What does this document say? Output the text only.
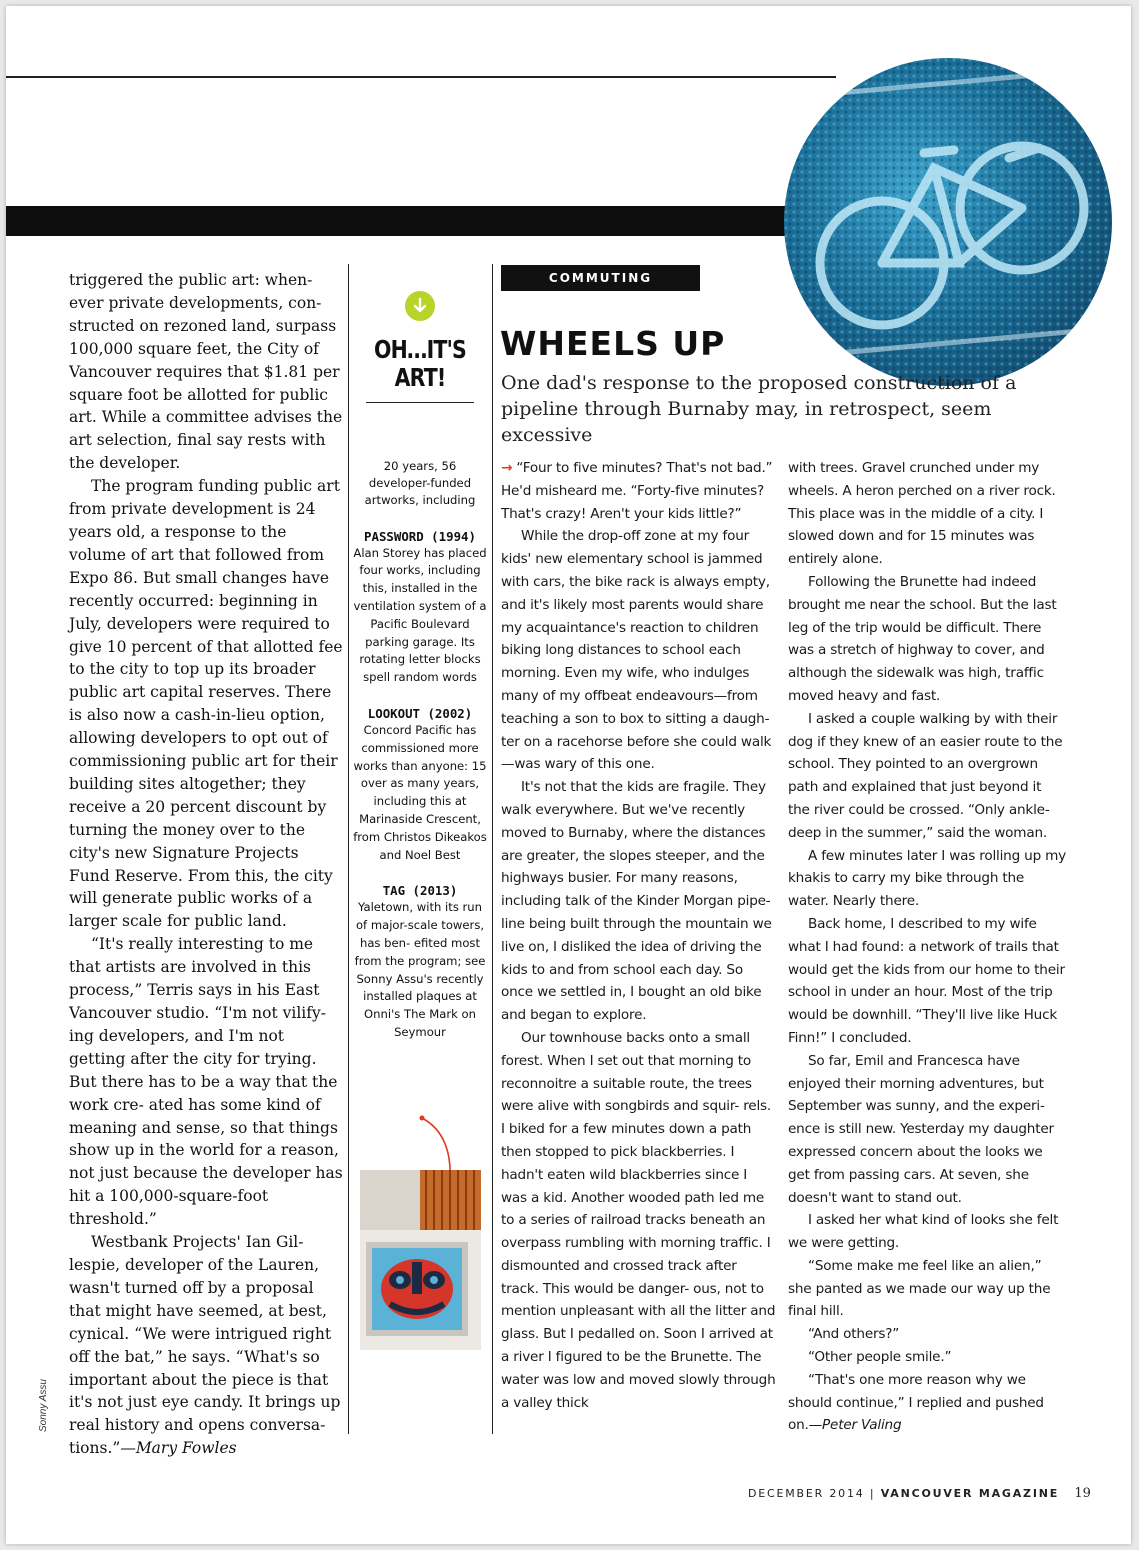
triggered the public art: when- ever private developments, con- structed on rezoned land, surpass 100,000 square feet, the City of Vancouver requires that $1.81 per square foot be allotted for public art. While a committee advises the art selection, final say rests with the developer.

The program funding public art from private development is 24 years old, a response to the volume of art that followed from Expo 86. But small changes have recently occurred: beginning in July, developers were required to give 10 percent of that allotted fee to the city to top up its broader public art capital reserves. There is also now a cash-in-lieu option, allowing developers to opt out of commissioning public art for their building sites altogether; they receive a 20 percent discount by turning the money over to the city's new Signature Projects Fund Reserve. From this, the city will generate public works of a larger scale for public land.

“It's really interesting to me that artists are involved in this process,” Terris says in his East Vancouver studio. “I'm not vilify- ing developers, and I'm not getting after the city for trying. But there has to be a way that the work cre- ated has some kind of meaning and sense, so that things show up in the world for a reason, not just because the developer has hit a 100,000-square-foot threshold.”

Westbank Projects' Ian Gil- lespie, developer of the Lauren, wasn't turned off by a proposal that might have seemed, at best, cynical. “We were intrigued right off the bat,” he says. “What's so important about the piece is that it's not just eye candy. It brings up real history and opens conversa- tions.”—Mary Fowles

Sonny Assu
OH…IT'S
ART!
20 years, 56 developer-funded artworks, including
PASSWORD (1994)
Alan Storey has placed four works, including this, installed in the ventilation system of a Pacific Boulevard parking garage. Its rotating letter blocks spell random words
LOOKOUT (2002)
Concord Pacific has commissioned more works than anyone: 15 over as many years, including this at Marinaside Crescent, from Christos Dikeakos and Noel Best
TAG (2013)
Yaletown, with its run of major-scale towers, has ben- efited most from the program; see Sonny Assu's recently installed plaques at Onni's The Mark on Seymour
COMMUTING
WHEELS UP

One dad's response to the proposed construction of a pipeline through Burnaby may, in retrospect, seem excessive

→ “Four to five minutes? That's not bad.” He'd misheard me. “Forty-five minutes? That's crazy! Aren't your kids little?”

While the drop-off zone at my four kids' new elementary school is jammed with cars, the bike rack is always empty, and it's likely most parents would share my acquaintance's reaction to children biking long distances to school each morning. Even my wife, who indulges many of my offbeat endeavours—from teaching a son to box to sitting a daugh- ter on a racehorse before she could walk—was wary of this one.

It's not that the kids are fragile. They walk everywhere. But we've recently moved to Burnaby, where the distances are greater, the slopes steeper, and the highways busier. For many reasons, including talk of the Kinder Morgan pipe- line being built through the mountain we live on, I disliked the idea of driving the kids to and from school each day. So once we settled in, I bought an old bike and began to explore.

Our townhouse backs onto a small forest. When I set out that morning to reconnoitre a suitable route, the trees were alive with songbirds and squir- rels. I biked for a few minutes down a path then stopped to pick blackberries. I hadn't eaten wild blackberries since I was a kid. Another wooded path led me to a series of railroad tracks beneath an overpass rumbling with morning traffic. I dismounted and crossed track after track. This would be danger- ous, not to mention unpleasant with all the litter and glass. But I pedalled on. Soon I arrived at a river I figured to be the Brunette. The water was low and moved slowly through a valley thick

with trees. Gravel crunched under my wheels. A heron perched on a river rock. This place was in the middle of a city. I slowed down and for 15 minutes was entirely alone.

Following the Brunette had indeed brought me near the school. But the last leg of the trip would be difficult. There was a stretch of highway to cover, and although the sidewalk was high, traffic moved heavy and fast.

I asked a couple walking by with their dog if they knew of an easier route to the school. They pointed to an overgrown path and explained that just beyond it the river could be crossed. “Only ankle- deep in the summer,” said the woman.

A few minutes later I was rolling up my khakis to carry my bike through the water. Nearly there.

Back home, I described to my wife what I had found: a network of trails that would get the kids from our home to their school in under an hour. Most of the trip would be downhill. “They'll live like Huck Finn!” I concluded.

So far, Emil and Francesca have enjoyed their morning adventures, but September was sunny, and the experi- ence is still new. Yesterday my daughter expressed concern about the looks we get from passing cars. At seven, she doesn't want to stand out.

I asked her what kind of looks she felt we were getting.

“Some make me feel like an alien,” she panted as we made our way up the final hill.

“And others?”

“Other people smile.”

“That's one more reason why we should continue,” I replied and pushed on.—Peter Valing

DECEMBER 2014 | VANCOUVER MAGAZINE 19
